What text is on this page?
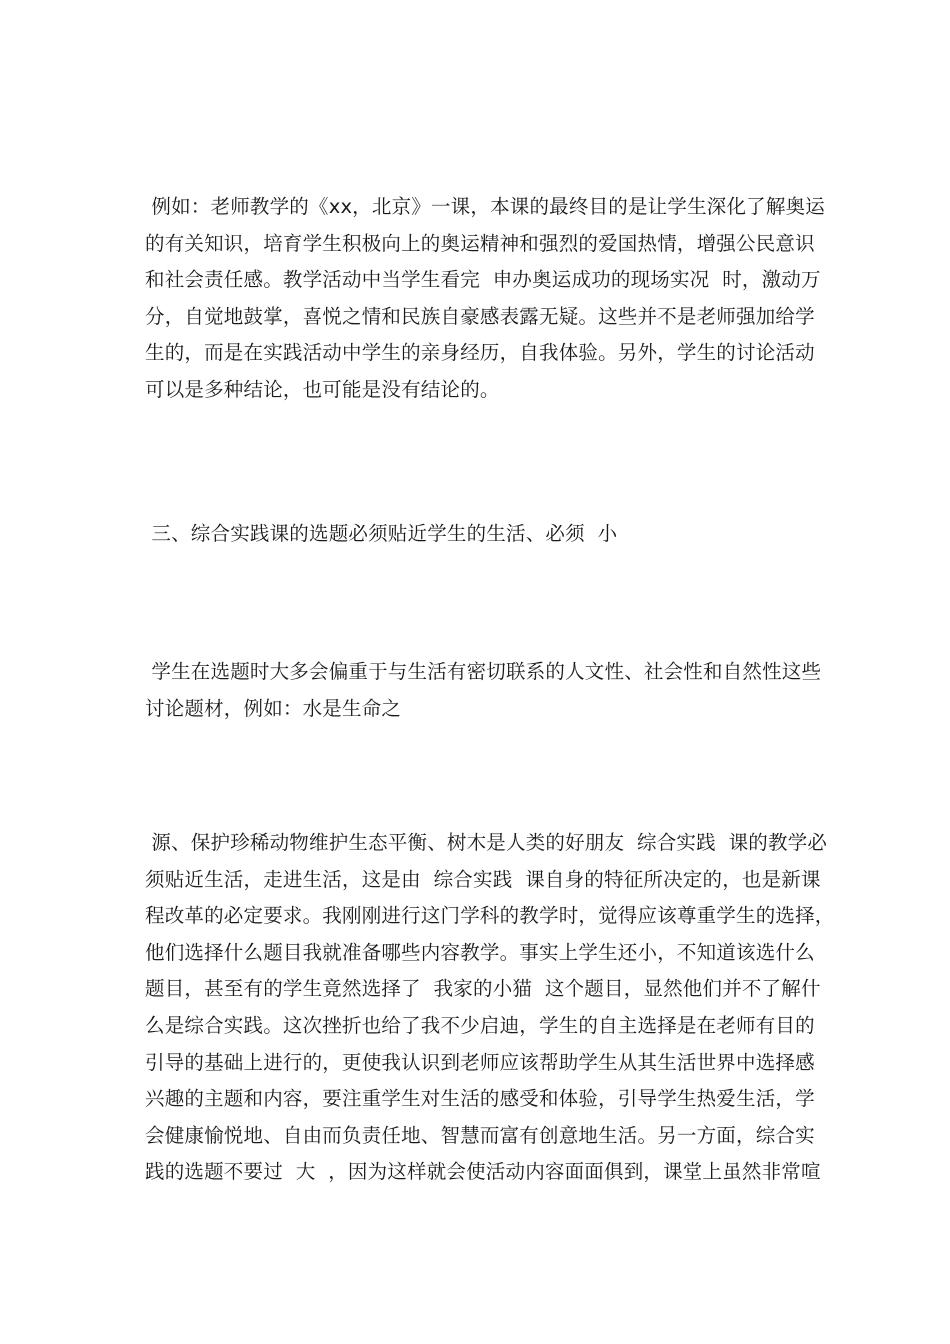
例如：老师教学的《xx，北京》一课，本课的最终目的是让学生深化了解奥运
的有关知识，培育学生积极向上的奥运精神和强烈的爱国热情，增强公民意识
和社会责任感。教学活动中当学生看完  申办奥运成功的现场实况  时，激动万
分，自觉地鼓掌，喜悦之情和民族自豪感表露无疑。这些并不是老师强加给学
生的，而是在实践活动中学生的亲身经历，自我体验。另外，学生的讨论活动
可以是多种结论，也可能是没有结论的。
三、综合实践课的选题必须贴近学生的生活、必须  小
学生在选题时大多会偏重于与生活有密切联系的人文性、社会性和自然性这些
讨论题材，例如：水是生命之
源、保护珍稀动物维护生态平衡、树木是人类的好朋友  综合实践  课的教学必
须贴近生活，走进生活，这是由  综合实践  课自身的特征所决定的，也是新课
程改革的必定要求。我刚刚进行这门学科的教学时，觉得应该尊重学生的选择，
他们选择什么题目我就准备哪些内容教学。事实上学生还小，不知道该选什么
题目，甚至有的学生竟然选择了  我家的小猫  这个题目，显然他们并不了解什
么是综合实践。这次挫折也给了我不少启迪，学生的自主选择是在老师有目的
引导的基础上进行的，更使我认识到老师应该帮助学生从其生活世界中选择感
兴趣的主题和内容，要注重学生对生活的感受和体验，引导学生热爱生活，学
会健康愉悦地、自由而负责任地、智慧而富有创意地生活。另一方面，综合实
践的选题不要过  大  ，因为这样就会使活动内容面面俱到，课堂上虽然非常喧
